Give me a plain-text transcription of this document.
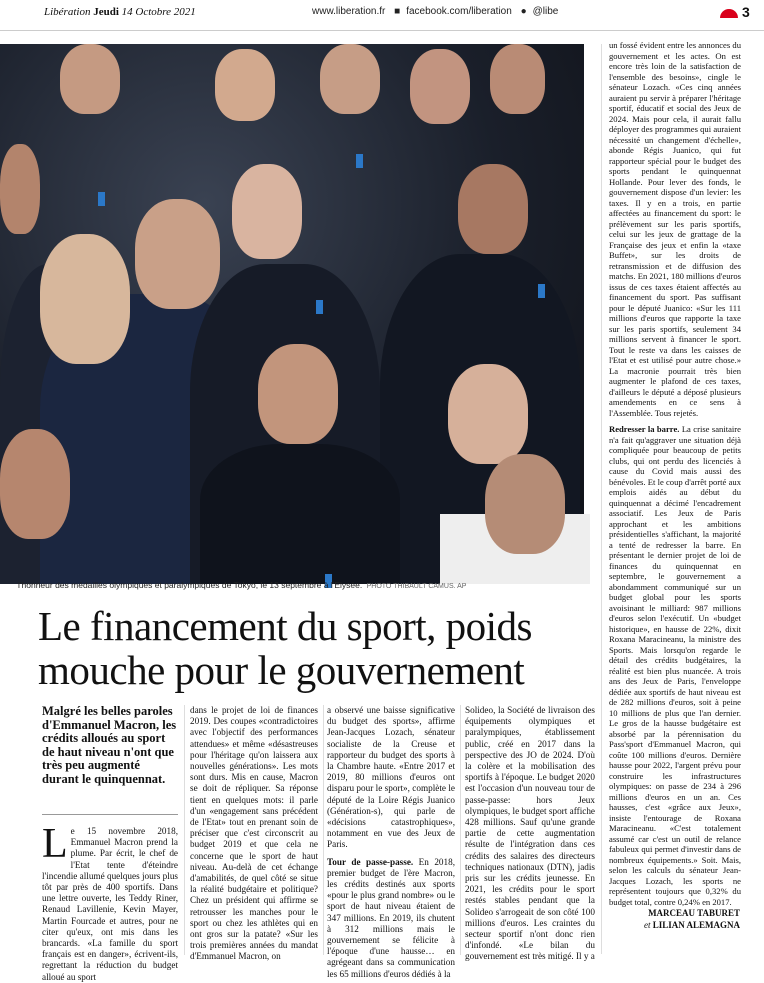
Libération Jeudi 14 Octobre 2021	www.liberation.fr ■ facebook.com/liberation ● @libe	3
l'honneur des médaillés olympiques et paralympiques de Tokyo, le 13 septembre à l'Elysée. PHOTO THIBAULT CAMUS. AP
Le financement du sport, poids mouche pour le gouvernement
Malgré les belles paroles d'Emmanuel Macron, les crédits alloués au sport de haut niveau n'ont que très peu augmenté durant le quinquennat.
Le 15 novembre 2018, Emmanuel Macron prend la plume. Par écrit, le chef de l'Etat tente d'éteindre l'incendie allumé quelques jours plus tôt par près de 400 sportifs. Dans une lettre ouverte, les Teddy Riner, Renaud Lavillenie, Kevin Mayer, Martin Fourcade et autres, pour ne citer qu'eux, ont mis dans les brancards. «La famille du sport français est en danger», écrivent-ils, regrettant la réduction du budget alloué au sport
dans le projet de loi de finances 2019. Des coupes «contradictoires avec l'objectif des performances attendues» et même «désastreuses pour l'héritage qu'on laissera aux nouvelles générations». Les mots sont durs. Mis en cause, Macron se doit de répliquer. Sa réponse tient en quelques mots: il parle d'un «engagement sans précédent de l'Etat» tout en prenant soin de préciser que c'est circonscrit au budget 2019 et que cela ne concerne que le sport de haut niveau. Au-delà de cet échange d'amabilités, de quel côté se situe la réalité budgétaire et politique? Chez un président qui affirme se retrousser les manches pour le sport ou chez les athlètes qui en ont gros sur la patate? «Sur les trois premières années du mandat d'Emmanuel Macron, on

a observé une baisse significative du budget des sports», affirme Jean-Jacques Lozach, sénateur socialiste de la Creuse et rapporteur du budget des sports à la Chambre haute. «Entre 2017 et 2019, 80 millions d'euros ont disparu pour le sport», complète le député de la Loire Régis Juanico (Génération-s), qui parle de «décisions catastrophiques», notamment en vue des Jeux de Paris.

Tour de passe-passe. En 2018, premier budget de l'ère Macron, les crédits destinés aux sports «pour le plus grand nombre» ou le sport de haut niveau étaient de 347 millions. En 2019, ils chutent à 312 millions mais le gouvernement se félicite à l'époque d'une hausse… en agrégeant dans sa communication les 65 millions d'euros dédiés à la

Solideo, la Société de livraison des équipements olympiques et paralympiques, établissement public, créé en 2017 dans la perspective des JO de 2024. D'où la colère et la mobilisation des sportifs à l'époque. Le budget 2020 est l'occasion d'un nouveau tour de passe-passe: hors Jeux olympiques, le budget sport affiche 428 millions. Sauf qu'une grande partie de cette augmentation résulte de l'intégration dans ces crédits des salaires des directeurs techniques nationaux (DTN), jadis pris sur les crédits jeunesse. En 2021, les crédits pour le sport restés stables pendant que la Solideo s'arrogeait de son côté 100 millions d'euros. Les craintes du secteur sportif n'ont donc rien d'infondé. «Le bilan du gouvernement est très mitigé. Il y a

un fossé évident entre les annonces du gouvernement et les actes. On est encore très loin de la satisfaction de l'ensemble des besoins», cingle le sénateur Lozach. «Ces cinq années auraient pu servir à préparer l'héritage sportif, éducatif et social des Jeux de 2024. Mais pour cela, il aurait fallu déployer des programmes qui auraient nécessité un changement d'échelle», abonde Régis Juanico, qui fut rapporteur spécial pour le budget des sports pendant le quinquennat Hollande. Pour lever des fonds, le gouvernement dispose d'un levier: les taxes. Il y en a trois, en partie affectées au financement du sport: le prélèvement sur les paris sportifs, celui sur les jeux de grattage de la Française des jeux et enfin la «taxe Buffet», sur les droits de retransmission et de diffusion des matchs. En 2021, 180 millions d'euros issus de ces taxes étaient affectés au financement du sport. Pas suffisant pour le député Juanico: «Sur les 111 millions d'euros que rapporte la taxe sur les paris sportifs, seulement 34 millions servent à financer le sport. Tout le reste va dans les caisses de l'Etat et est utilisé pour autre chose.» La macronie pourrait très bien augmenter le plafond de ces taxes, d'ailleurs le député a déposé plusieurs amendements en ce sens à l'Assemblée. Tous rejetés.

Redresser la barre. La crise sanitaire n'a fait qu'aggraver une situation déjà compliquée pour beaucoup de petits clubs, qui ont perdu des licenciés à cause du Covid mais aussi des bénévoles. Et le coup d'arrêt porté aux emplois aidés au début du quinquennat a décimé l'encadrement associatif. Les Jeux de Paris approchant et les ambitions présidentielles s'affichant, la majorité a tenté de redresser la barre. En présentant le dernier projet de loi de finances du quinquennat en septembre, le gouvernement a abondamment communiqué sur un budget global pour les sports avoisinant le milliard: 987 millions d'euros selon l'exécutif. Un «budget historique», en hausse de 22%, dixit Roxana Maracineanu, la ministre des Sports. Mais lorsqu'on regarde le détail des crédits budgétaires, la réalité est bien plus nuancée. A trois ans des Jeux de Paris, l'enveloppe dédiée aux sportifs de haut niveau est de 282 millions d'euros, soit à peine 10 millions de plus que l'an dernier. Le gros de la hausse budgétaire est absorbé par la pérennisation du Pass'sport d'Emmanuel Macron, qui coûte 100 millions d'euros. Dernière hausse pour 2022, l'argent prévu pour construire les infrastructures olympiques: on passe de 234 à 296 millions d'euros en un an. Ces hausses, c'est «grâce aux Jeux», insiste l'entourage de Roxana Maracineanu. «C'est totalement assumé car c'est un outil de relance fabuleux qui permet d'investir dans de nombreux équipements.» Soit. Mais, selon les calculs du sénateur Jean-Jacques Lozach, les sports ne représentent toujours que 0,32% du budget total, contre 0,24% en 2017.

MARCEAU TABURET
et LILIAN ALEMAGNA
